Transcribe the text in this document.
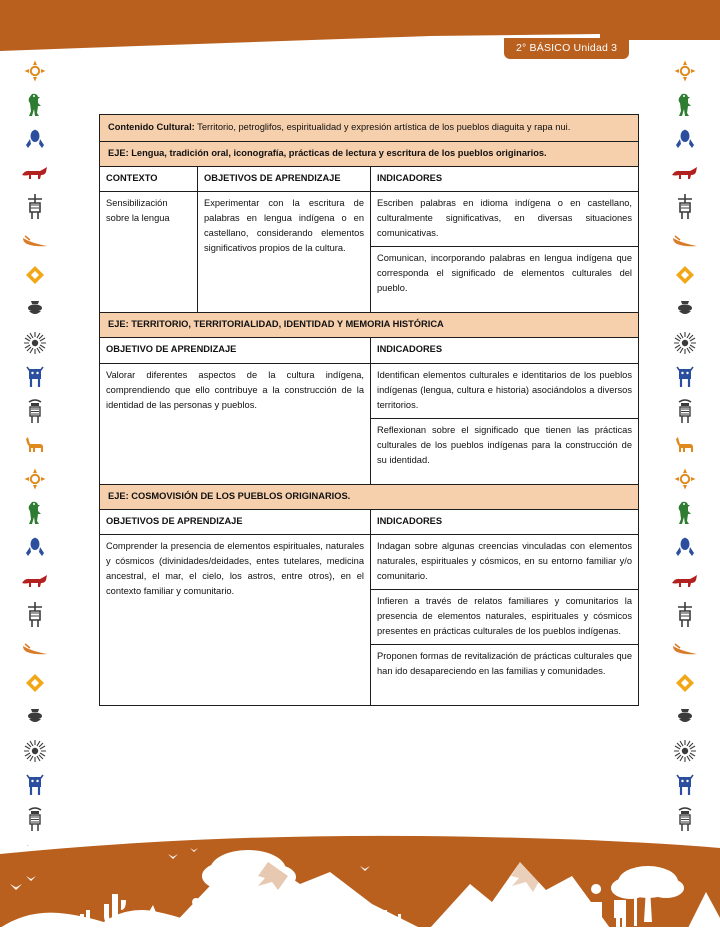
2° BÁSICO Unidad 3
Contenido Cultural: Territorio, petroglifos, espiritualidad y expresión artística de los pueblos diaguita y rapa nui.		
EJE: Lengua, tradición oral, iconografía, prácticas de lectura y escritura de los pueblos originarios.		
CONTEXTO	OBJETIVOS DE APRENDIZAJE	INDICADORES
Sensibilización sobre la lengua	Experimentar con la escritura de palabras en lengua indígena o en castellano, considerando elementos significativos propios de la cultura.	Escriben palabras en idioma indígena o en castellano, culturalmente significativas, en diversas situaciones comunicativas.
		Comunican, incorporando palabras en lengua indígena que corresponda el significado de elementos culturales del pueblo.
EJE: TERRITORIO, TERRITORIALIDAD, IDENTIDAD Y MEMORIA HISTÓRICA		
OBJETIVO DE APRENDIZAJE		INDICADORES
Valorar diferentes aspectos de la cultura indígena, comprendiendo que ello contribuye a la construcción de la identidad de las personas y pueblos.		Identifican elementos culturales e identitarios de los pueblos indígenas (lengua, cultura e historia) asociándolos a diversos territorios.
		Reflexionan sobre el significado que tienen las prácticas culturales de los pueblos indígenas para la construcción de su identidad.
EJE: COSMOVISIÓN DE LOS PUEBLOS ORIGINARIOS.		
OBJETIVOS DE APRENDIZAJE		INDICADORES
Comprender la presencia de elementos espirituales, naturales y cósmicos (divinidades/deidades, entes tutelares, medicina ancestral, el mar, el cielo, los astros, entre otros), en el contexto familiar y comunitario.		Indagan sobre algunas creencias vinculadas con elementos naturales, espirituales y cósmicos, en su entorno familiar y/o comunitario.
		Infieren a través de relatos familiares y comunitarios la presencia de elementos naturales, espirituales y cósmicos presentes en prácticas culturales de los pueblos indígenas.
		Proponen formas de revitalización de prácticas culturales que han ido desapareciendo en las familias y comunidades.
